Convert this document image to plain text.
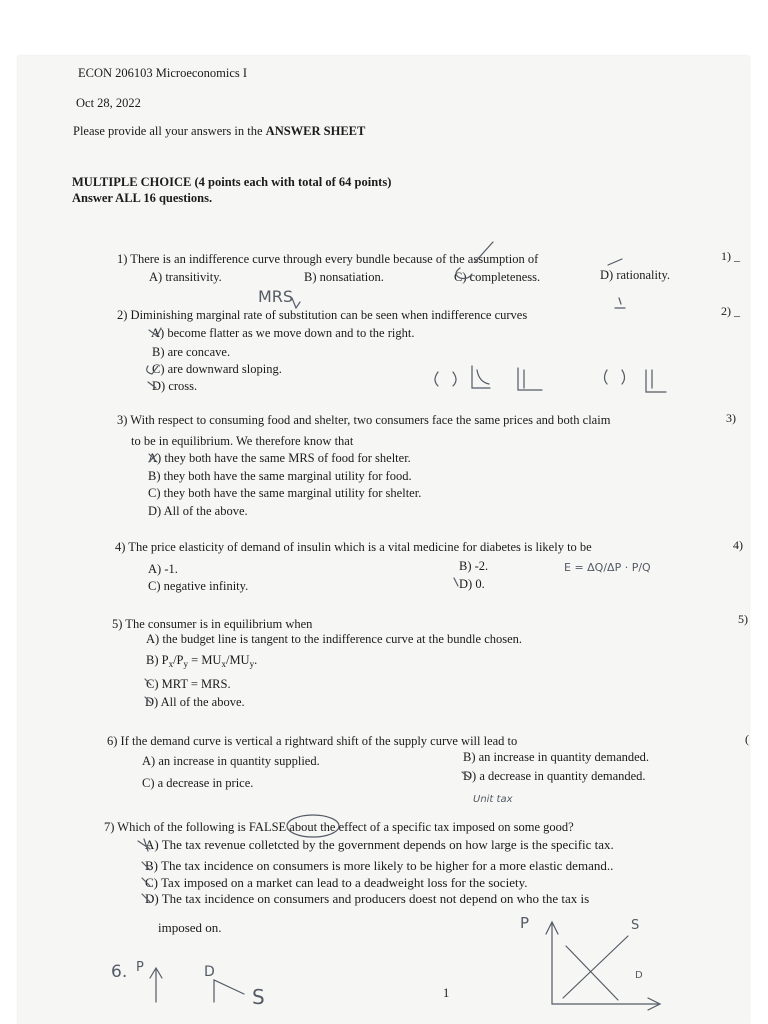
ECON 206103 Microeconomics I
Oct 28, 2022
Please provide all your answers in the ANSWER SHEET
MULTIPLE CHOICE (4 points each with total of 64 points)
Answer ALL 16 questions.
1) There is an indifference curve through every bundle because of the assumption of	1) _
A) transitivity.	B) nonsatiation.	C) completeness.	D) rationality.
2) Diminishing marginal rate of substitution can be seen when indifference curves	2) _
A) become flatter as we move down and to the right.
B) are concave.
C) are downward sloping.
D) cross.
3) With respect to consuming food and shelter, two consumers face the same prices and both claim
to be in equilibrium. We therefore know that
3)
A) they both have the same MRS of food for shelter.
B) they both have the same marginal utility for food.
C) they both have the same marginal utility for shelter.
D) All of the above.
4) The price elasticity of demand of insulin which is a vital medicine for diabetes is likely to be	4)
A) -1.	B) -2.
C) negative infinity.	D) 0.
5) The consumer is in equilibrium when	5)
A) the budget line is tangent to the indifference curve at the bundle chosen.
B) $P_x/P_y = MU_x/MU_y$.
C) MRT = MRS.
D) All of the above.
6) If the demand curve is vertical a rightward shift of the supply curve will lead to	(
A) an increase in quantity supplied.	B) an increase in quantity demanded.
C) a decrease in price.	D) a decrease in quantity demanded.
7) Which of the following is FALSE about the effect of a specific tax imposed on some good?
A) The tax revenue colletcted by the government depends on how large is the specific tax.
B) The tax incidence on consumers is more likely to be higher for a more elastic demand..
C) Tax imposed on a market can lead to a deadweight loss for the society.
D) The tax incidence on consumers and producers doest not depend on who the tax is
imposed on.
1
MRS
E = ΔQ/ΔP · P/Q
Unit tax
P	S
D
6. P	D
S
